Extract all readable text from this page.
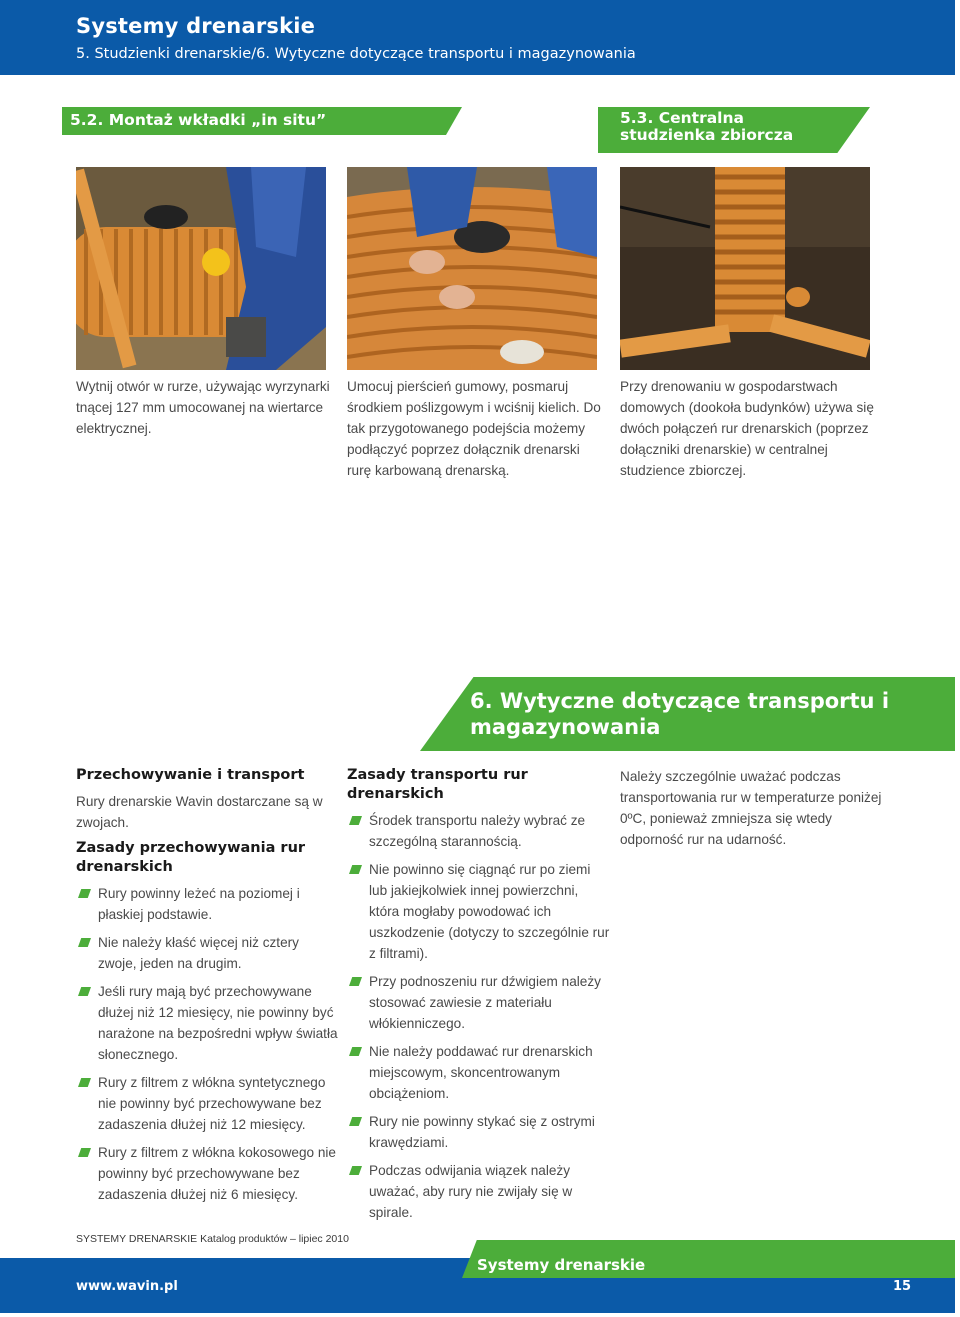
Systemy drenarskie
5. Studzienki drenarskie/6. Wytyczne dotyczące transportu i magazynowania
5.2. Montaż wkładki „in situ”	5.3. Centralna studzienka zbiorcza
Wytnij otwór w rurze, używając wyrzynarki tnącej 127 mm umocowanej na wiertarce elektrycznej.
Umocuj pierścień gumowy, posmaruj środkiem poślizgowym i wciśnij kielich. Do tak przygotowanego podejścia możemy podłączyć poprzez dołącznik drenarski rurę karbowaną drenarską.
Przy drenowaniu w gospodarstwach domowych (dookoła budynków) używa się dwóch połączeń rur drenarskich (poprzez dołączniki drenarskie) w centralnej studzience zbiorczej.
6. Wytyczne dotyczące transportu i magazynowania
Przechowywanie i transport
Rury drenarskie Wavin dostarczane są w zwojach.
Zasady przechowywania rur drenarskich
Rury powinny leżeć na poziomej i płaskiej podstawie.
Nie należy kłaść więcej niż cztery zwoje, jeden na drugim.
Jeśli rury mają być przechowywane dłużej niż 12 miesięcy, nie powinny być narażone na bezpośredni wpływ światła słonecznego.
Rury z filtrem z włókna syntetycznego nie powinny być przechowywane bez zadaszenia dłużej niż 12 miesięcy.
Rury z filtrem z włókna kokosowego nie powinny być przechowywane bez zadaszenia dłużej niż 6 miesięcy.
Zasady transportu rur drenarskich
Środek transportu należy wybrać ze szczególną starannością.
Nie powinno się ciągnąć rur po ziemi lub jakiejkolwiek innej powierzchni, która mogłaby powodować ich uszkodzenie (dotyczy to szczególnie rur z filtrami).
Przy podnoszeniu rur dźwigiem należy stosować zawiesie z materiału włókienniczego.
Nie należy poddawać rur drenarskich miejscowym, skoncentrowanym obciążeniom.
Rury nie powinny stykać się z ostrymi krawędziami.
Podczas odwijania wiązek należy uważać, aby rury nie zwijały się w spirale.
Należy szczególnie uważać podczas transportowania rur w temperaturze poniżej 0ºC, ponieważ zmniejsza się wtedy odporność rur na udarność.
SYSTEMY DRENARSKIE Katalog produktów – lipiec 2010
Systemy drenarskie
www.wavin.pl	15
